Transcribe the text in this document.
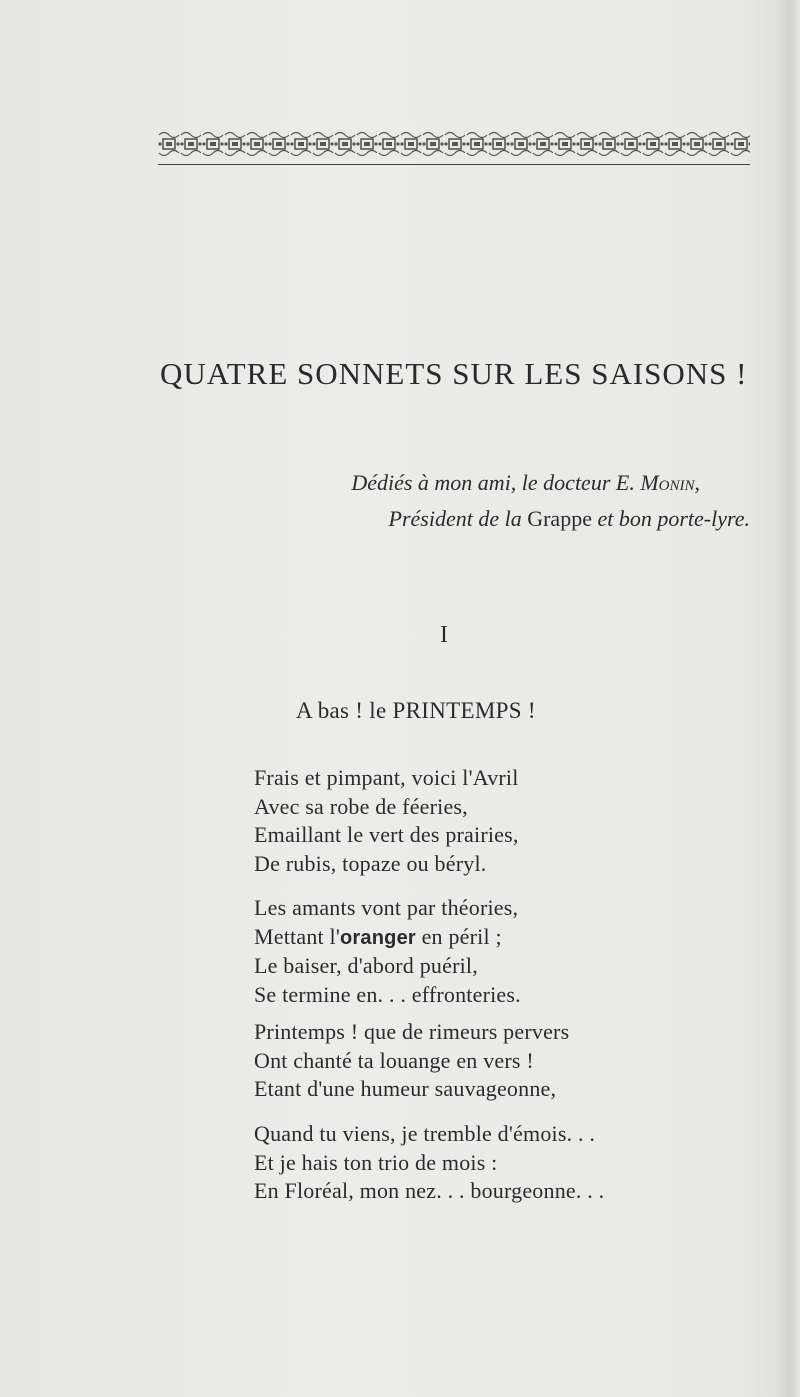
QUATRE SONNETS SUR LES SAISONS !
Dédiés à mon ami, le docteur E. Monin,
Président de la Grappe et bon porte-lyre.
I
A bas ! le PRINTEMPS !
Frais et pimpant, voici l'Avril
Avec sa robe de féeries,
Emaillant le vert des prairies,
De rubis, topaze ou béryl.
Les amants vont par théories,
Mettant l'oranger en péril ;
Le baiser, d'abord puéril,
Se termine en. . . effronteries.
Printemps ! que de rimeurs pervers
Ont chanté ta louange en vers !
Etant d'une humeur sauvageonne,
Quand tu viens, je tremble d'émois. . .
Et je hais ton trio de mois :
En Floréal, mon nez. . . bourgeonne. . .
